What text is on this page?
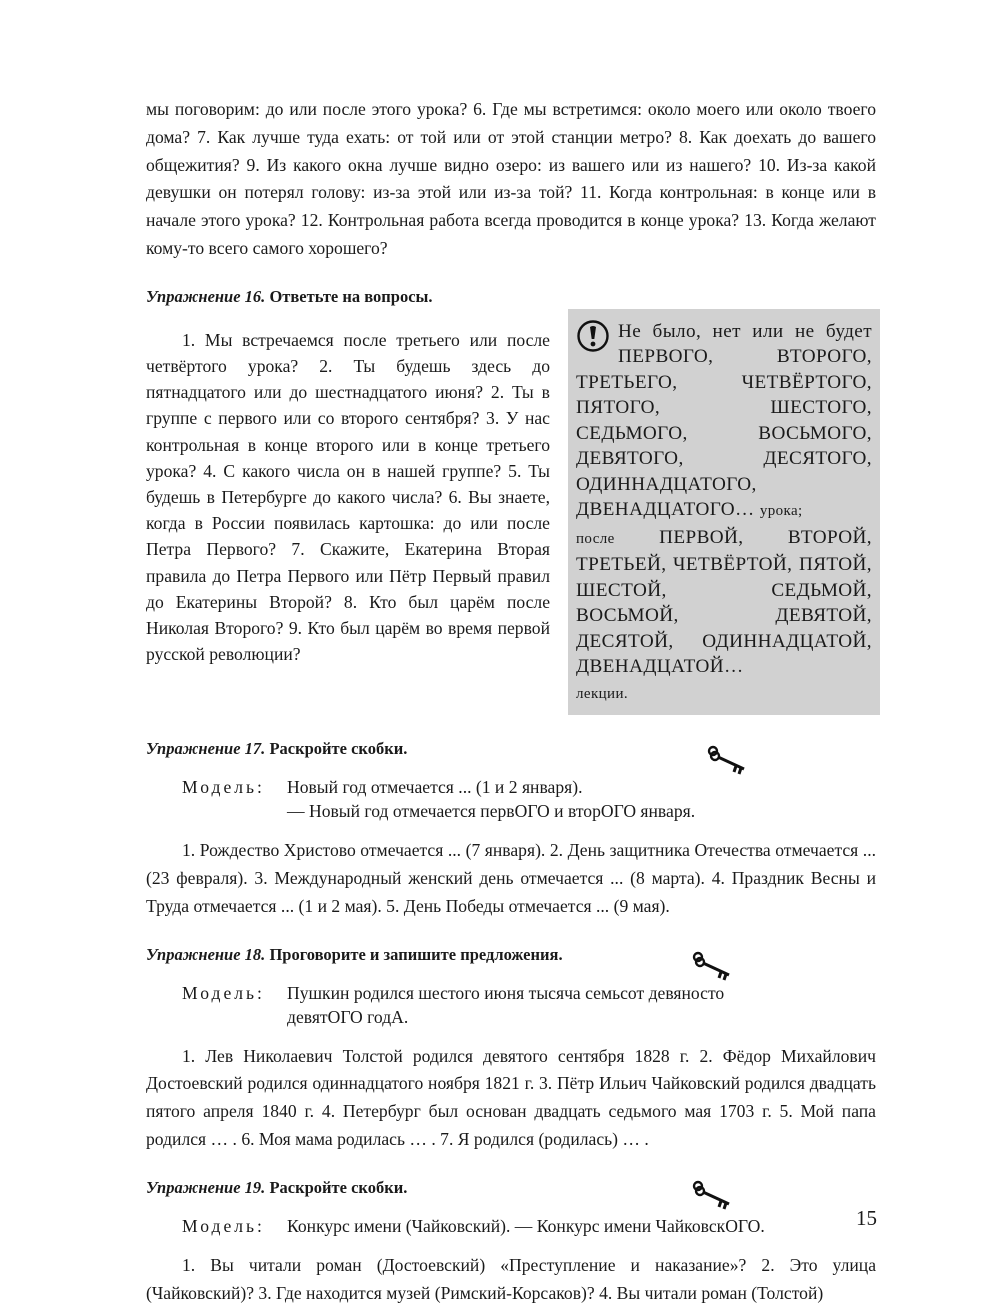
мы поговорим: до или после этого урока? 6. Где мы встретимся: около моего или около твоего дома? 7. Как лучше туда ехать: от той или от этой станции метро? 8. Как доехать до вашего общежития? 9. Из какого окна лучше видно озеро: из вашего или из нашего? 10. Из-за какой девушки он потерял голову: из-за этой или из-за той? 11. Когда контрольная: в конце или в начале этого урока? 12. Контрольная работа всегда проводится в конце урока? 13. Когда желают кому-то всего самого хорошего?

Упражнение 16. Ответьте на вопросы.

1. Мы встречаемся после третьего или после четвёртого урока? 2. Ты будешь здесь до пятнадцатого или до шестнадцатого июня? 2. Ты в группе с первого или со второго сентября? 3. У нас контрольная в конце второго или в конце третьего урока? 4. С какого числа он в нашей группе? 5. Ты будешь в Петербурге до какого числа? 6. Вы знаете, когда в России появилась картошка: до или после Петра Первого? 7. Скажите, Екатерина Вторая правила до Петра Первого или Пётр Первый правил до Екатерины Второй? 8. Кто был царём после Николая Второго? 9. Кто был царём во время первой русской революции?

Не было, нет или не будет ПЕРВОГО, ВТОРОГО, ТРЕТЬЕГО, ЧЕТВЁРТОГО, ПЯТОГО, ШЕСТОГО, СЕДЬМОГО, ВОСЬМОГО, ДЕВЯТОГО, ДЕСЯТОГО, ОДИННАДЦАТОГО, ДВЕНАДЦАТОГО… урока;
после ПЕРВОЙ, ВТОРОЙ, ТРЕТЬЕЙ, ЧЕТВЁРТОЙ, ПЯТОЙ, ШЕСТОЙ, СЕДЬМОЙ, ВОСЬМОЙ, ДЕВЯТОЙ, ДЕСЯТОЙ, ОДИННАДЦАТОЙ, ДВЕНАДЦАТОЙ…
лекции.
Упражнение 17. Раскройте скобки.
Модель:	Новый год отмечается ... (1 и 2 января).
— Новый год отмечается первОГО и вторОГО января.

1. Рождество Христово отмечается ... (7 января). 2. День защитника Отечества отмечается ... (23 февраля). 3. Международный женский день отмечается ... (8 марта). 4. Праздник Весны и Труда отмечается ... (1 и 2 мая). 5. День Победы отмечается ... (9 мая).

Упражнение 18. Проговорите и запишите предложения.
Модель:	Пушкин родился шестого июня тысяча семьсот девяносто
девятОГО годА.

1. Лев Николаевич Толстой родился девятого сентября 1828 г. 2. Фёдор Михайлович Достоевский родился одиннадцатого ноября 1821 г. 3. Пётр Ильич Чайковский родился двадцать пятого апреля 1840 г. 4. Петербург был основан двадцать седьмого мая 1703 г. 5. Мой папа родился … . 6. Моя мама родилась … . 7. Я родился (родилась) … .

Упражнение 19. Раскройте скобки.
Модель:	Конкурс имени (Чайковский). — Конкурс имени ЧайковскОГО.

1. Вы читали роман (Достоевский) «Преступление и наказание»? 2. Это улица (Чайковский)? 3. Где находится музей (Римский-Корсаков)? 4. Вы читали роман (Толстой)

15
